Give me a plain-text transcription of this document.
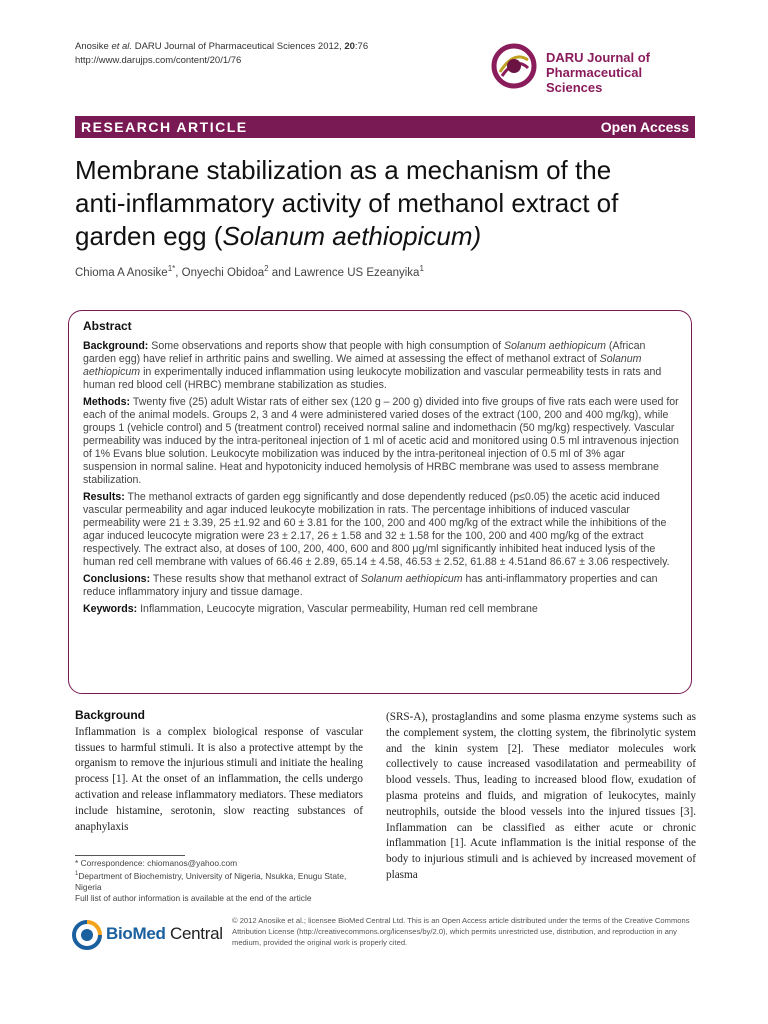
Anosike et al. DARU Journal of Pharmaceutical Sciences 2012, 20:76
http://www.darujps.com/content/20/1/76	DARU Journal of
Pharmaceutical Sciences
RESEARCH ARTICLE	Open Access
Membrane stabilization as a mechanism of the
anti-inflammatory activity of methanol extract of
garden egg (Solanum aethiopicum)
Chioma A Anosike$^{1*}$, Onyechi Obidoa$^2$ and Lawrence US Ezeanyika$^1$
Abstract
Background: Some observations and reports show that people with high consumption of Solanum aethiopicum (African garden egg) have relief in arthritic pains and swelling. We aimed at assessing the effect of methanol extract of Solanum aethiopicum in experimentally induced inflammation using leukocyte mobilization and vascular permeability tests in rats and human red blood cell (HRBC) membrane stabilization as studies.
Methods: Twenty five (25) adult Wistar rats of either sex (120 g – 200 g) divided into five groups of five rats each were used for each of the animal models. Groups 2, 3 and 4 were administered varied doses of the extract (100, 200 and 400 mg/kg), while groups 1 (vehicle control) and 5 (treatment control) received normal saline and indomethacin (50 mg/kg) respectively. Vascular permeability was induced by the intra-peritoneal injection of 1 ml of acetic acid and monitored using 0.5 ml intravenous injection of 1% Evans blue solution. Leukocyte mobilization was induced by the intra-peritoneal injection of 0.5 ml of 3% agar suspension in normal saline. Heat and hypotonicity induced hemolysis of HRBC membrane was used to assess membrane stabilization.
Results: The methanol extracts of garden egg significantly and dose dependently reduced (p≤0.05) the acetic acid induced vascular permeability and agar induced leukocyte mobilization in rats. The percentage inhibitions of induced vascular permeability were 21 ± 3.39, 25 ±1.92 and 60 ± 3.81 for the 100, 200 and 400 mg/kg of the extract while the inhibitions of the agar induced leucocyte migration were 23 ± 2.17, 26 ± 1.58 and 32 ± 1.58 for the 100, 200 and 400 mg/kg of the extract respectively. The extract also, at doses of 100, 200, 400, 600 and 800 μg/ml significantly inhibited heat induced lysis of the human red cell membrane with values of 66.46 ± 2.89, 65.14 ± 4.58, 46.53 ± 2.52, 61.88 ± 4.51and 86.67 ± 3.06 respectively.
Conclusions: These results show that methanol extract of Solanum aethiopicum has anti-inflammatory properties and can reduce inflammatory injury and tissue damage.
Keywords: Inflammation, Leucocyte migration, Vascular permeability, Human red cell membrane
Background
Inflammation is a complex biological response of vascular tissues to harmful stimuli. It is also a protective attempt by the organism to remove the injurious stimuli and initiate the healing process [1]. At the onset of an inflammation, the cells undergo activation and release inflammatory mediators. These mediators include histamine, serotonin, slow reacting substances of anaphylaxis
(SRS-A), prostaglandins and some plasma enzyme systems such as the complement system, the clotting system, the fibrinolytic system and the kinin system [2]. These mediator molecules work collectively to cause increased vasodilatation and permeability of blood vessels. Thus, leading to increased blood flow, exudation of plasma proteins and fluids, and migration of leukocytes, mainly neutrophils, outside the blood vessels into the injured tissues [3]. Inflammation can be classified as either acute or chronic inflammation [1]. Acute inflammation is the initial response of the body to injurious stimuli and is achieved by increased movement of plasma
* Correspondence: chiomanos@yahoo.com
$^1$Department of Biochemistry, University of Nigeria, Nsukka, Enugu State, Nigeria
Full list of author information is available at the end of the article
BioMed Central
© 2012 Anosike et al.; licensee BioMed Central Ltd. This is an Open Access article distributed under the terms of the Creative Commons Attribution License (http://creativecommons.org/licenses/by/2.0), which permits unrestricted use, distribution, and reproduction in any medium, provided the original work is properly cited.
